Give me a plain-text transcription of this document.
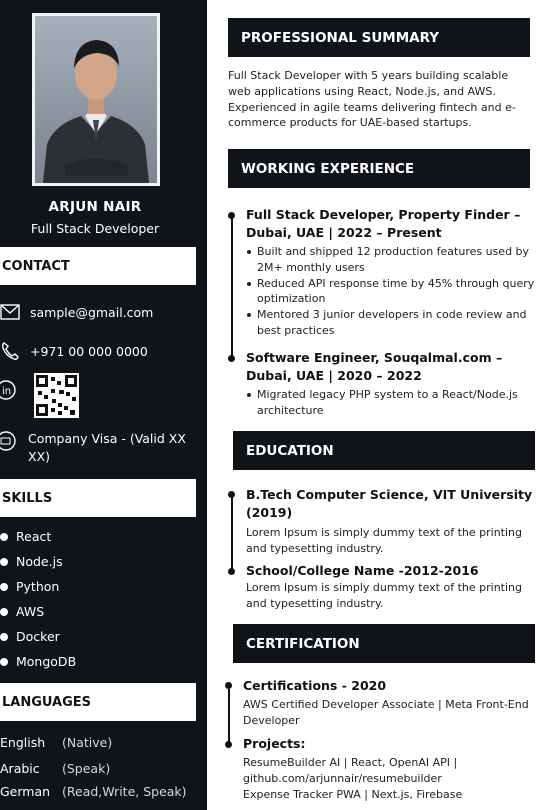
ARJUN NAIR
Full Stack Developer
CONTACT
sample@gmail.com
+971 00 000 0000
in
Company Visa - (Valid XX XX)
SKILLS
React
Node.js
Python
AWS
Docker
MongoDB
LANGUAGES
English	(Native)
Arabic	(Speak)
German (Read,Write, Speak)
PROFESSIONAL SUMMARY
Full Stack Developer with 5 years building scalable web applications using React, Node.js, and AWS. Experienced in agile teams delivering fintech and e-commerce products for UAE-based startups.
WORKING EXPERIENCE
Full Stack Developer, Property Finder – Dubai, UAE | 2022 – Present
Built and shipped 12 production features used by 2M+ monthly users
Reduced API response time by 45% through query optimization
Mentored 3 junior developers in code review and best practices
Software Engineer, Souqalmal.com – Dubai, UAE | 2020 – 2022
Migrated legacy PHP system to a React/Node.js architecture
EDUCATION
B.Tech Computer Science, VIT University (2019)
Lorem Ipsum is simply dummy text of the printing and typesetting industry.
School/College Name -2012-2016
Lorem Ipsum is simply dummy text of the printing and typesetting industry.
CERTIFICATION
Certifications - 2020
AWS Certified Developer Associate | Meta Front-End Developer
Projects:
ResumeBuilder AI | React, OpenAI API | github.com/arjunnair/resumebuilder
Expense Tracker PWA | Next.js, Firebase
